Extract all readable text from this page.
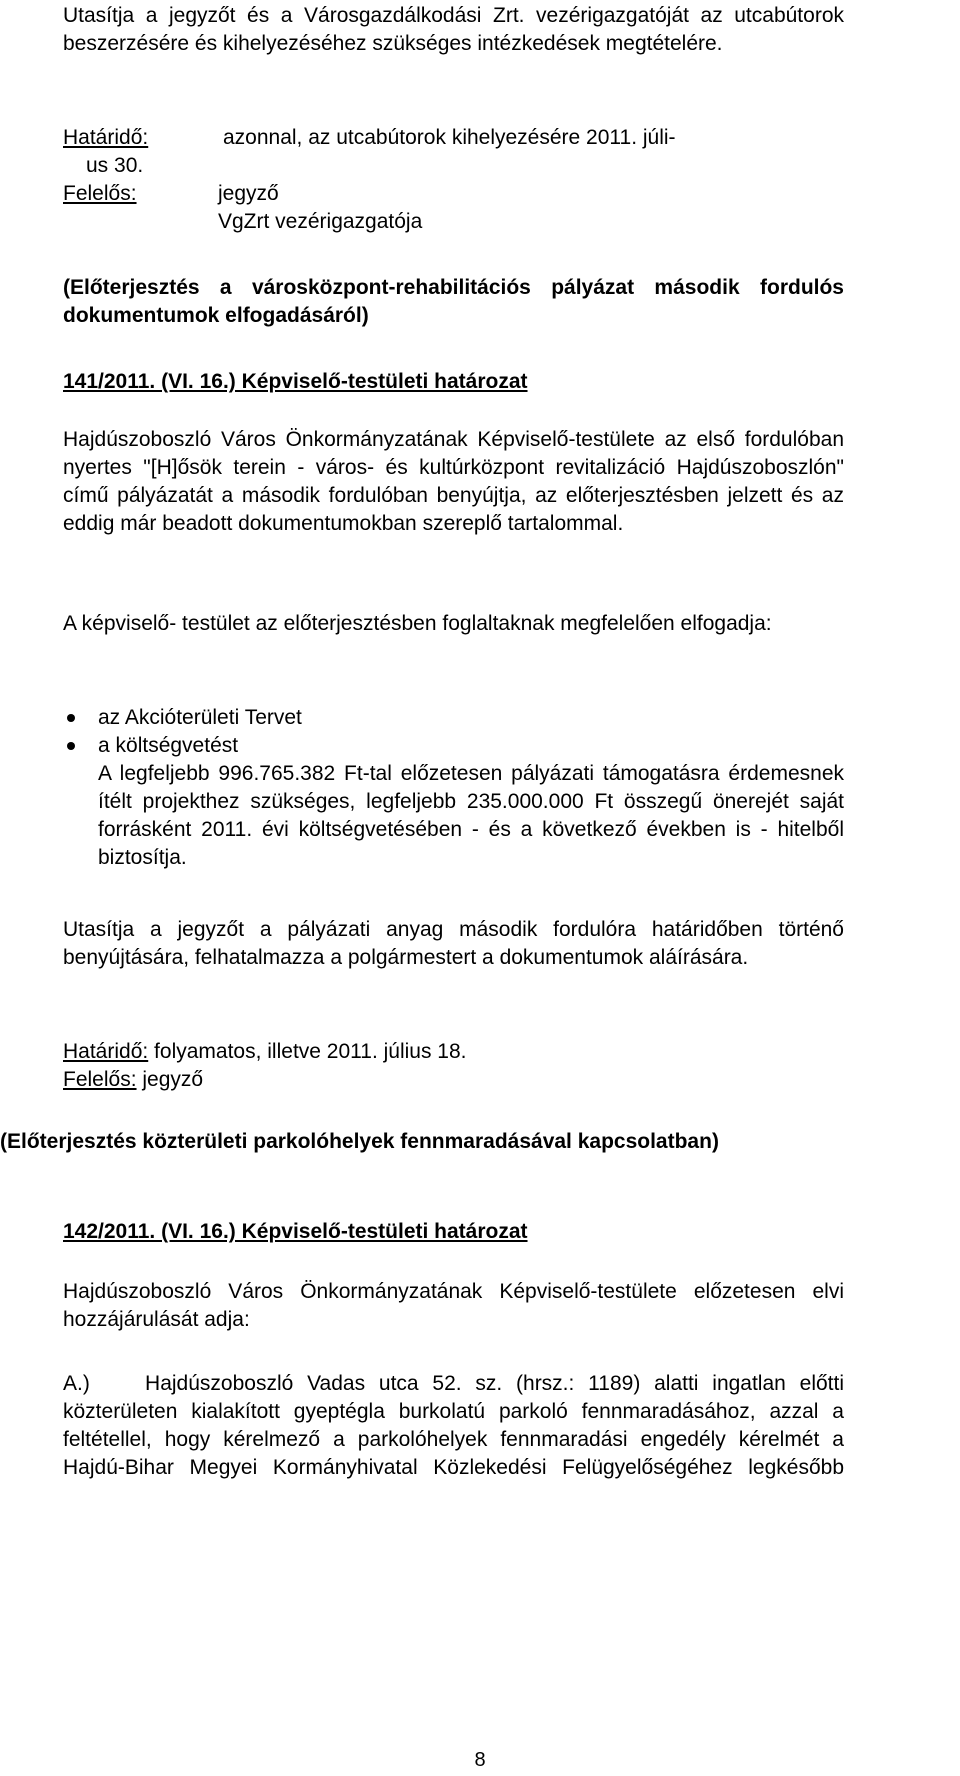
Utasítja a jegyzőt és a Városgazdálkodási Zrt. vezérigazgatóját az utcabútorok beszerzésére és kihelyezéséhez szükséges intézkedések megtételére.

Határidő:	azonnal, az utcabútorok kihelyezésére 2011. júli-
us 30.
Felelős:	jegyző
VgZrt vezérigazgatója

(Előterjesztés a városközpont-rehabilitációs pályázat második fordulós dokumentumok elfogadásáról)

141/2011. (VI. 16.) Képviselő-testületi határozat

Hajdúszoboszló Város Önkormányzatának Képviselő-testülete az első fordulóban nyertes "[H]ősök terein - város- és kultúrközpont revitalizáció Hajdúszoboszlón" című pályázatát a második fordulóban benyújtja, az előterjesztésben jelzett és az eddig már beadott dokumentumokban szereplő tartalommal.

A képviselő- testület az előterjesztésben foglaltaknak megfelelően elfogadja:

az Akcióterületi Tervet
a költségvetést

A legfeljebb 996.765.382 Ft-tal előzetesen pályázati támogatásra érdemesnek ítélt projekthez szükséges, legfeljebb 235.000.000 Ft összegű önerejét saját forrásként 2011. évi költségvetésében - és a következő években is - hitelből biztosítja.

Utasítja a jegyzőt a pályázati anyag második fordulóra határidőben történő benyújtására, felhatalmazza a polgármestert a dokumentumok aláírására.

Határidő: folyamatos, illetve 2011. július 18.
Felelős: jegyző

(Előterjesztés közterületi parkolóhelyek fennmaradásával kapcsolatban)

142/2011. (VI. 16.) Képviselő-testületi határozat

Hajdúszoboszló Város Önkormányzatának Képviselő-testülete előzetesen elvi hozzájárulását adja:

A.)    Hajdúszoboszló Vadas utca 52. sz. (hrsz.: 1189) alatti ingatlan előtti közterületen kialakított gyeptégla burkolatú parkoló fennmaradásához, azzal a feltétellel, hogy kérelmező a parkolóhelyek fennmaradási engedély kérelmét a Hajdú-Bihar Megyei Kormányhivatal Közlekedési Felügyelőségéhez legkésőbb

8
